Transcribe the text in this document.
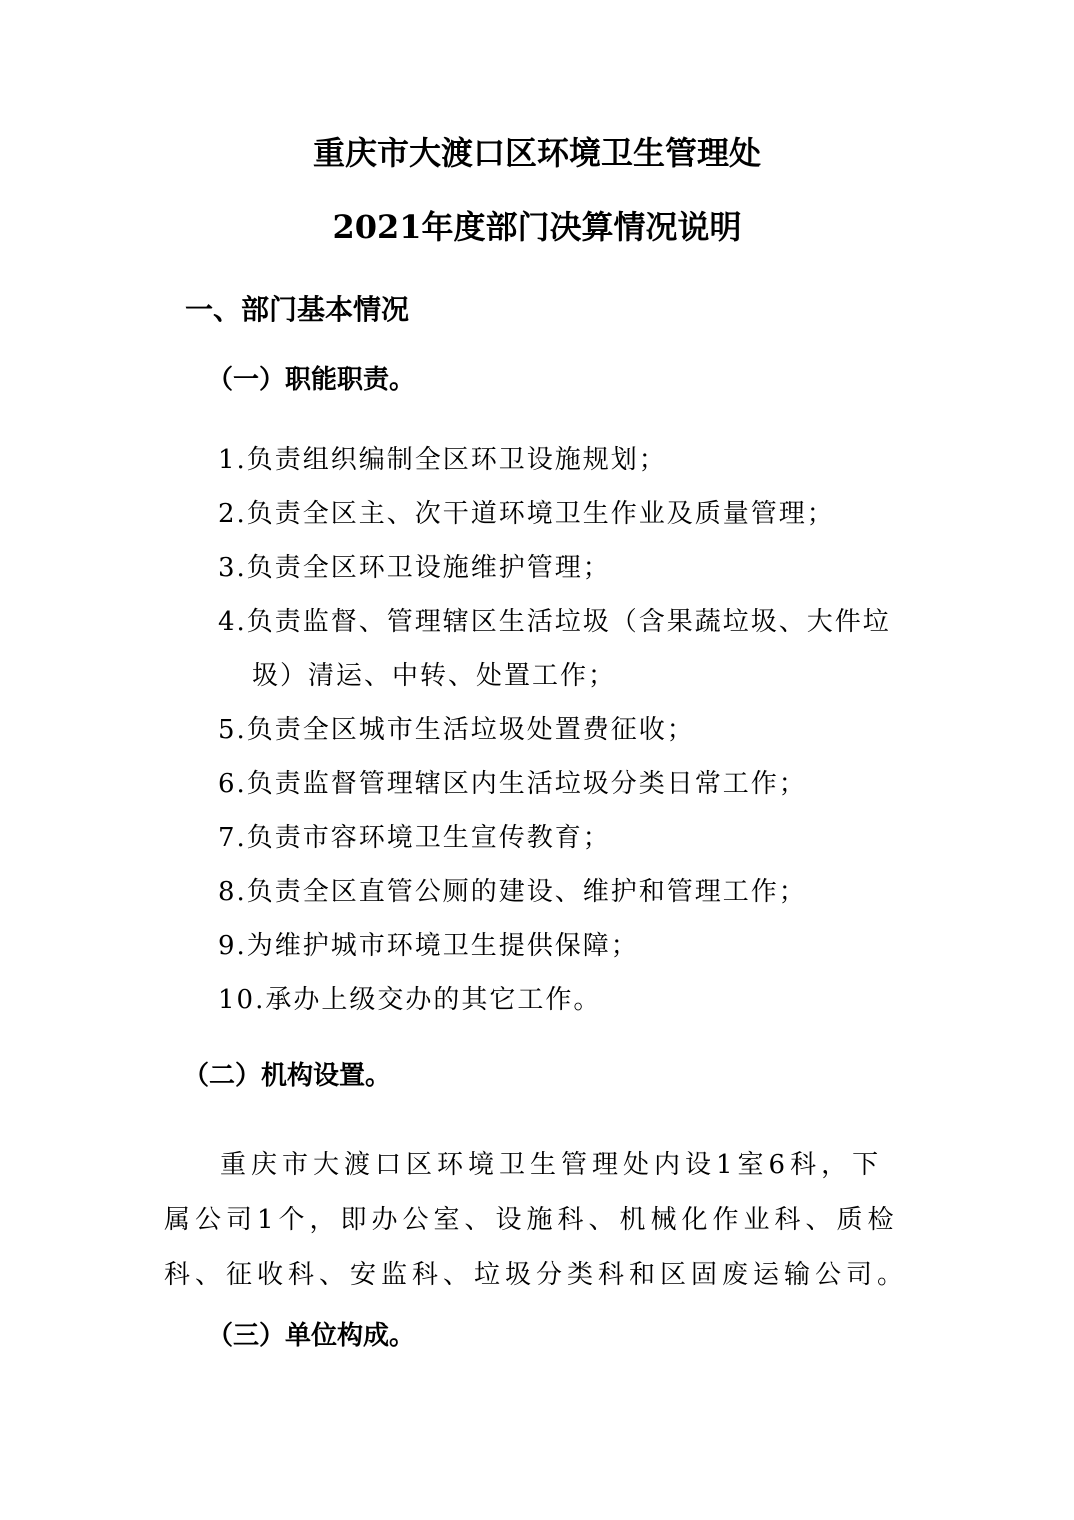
重庆市大渡口区环境卫生管理处
2021年度部门决算情况说明
一、部门基本情况
（一）职能职责。
1.负责组织编制全区环卫设施规划；
2.负责全区主、次干道环境卫生作业及质量管理；
3.负责全区环卫设施维护管理；
4.负责监督、管理辖区生活垃圾（含果蔬垃圾、大件垃圾）清运、中转、处置工作；
5.负责全区城市生活垃圾处置费征收；
6.负责监督管理辖区内生活垃圾分类日常工作；
7.负责市容环境卫生宣传教育；
8.负责全区直管公厕的建设、维护和管理工作；
9.为维护城市环境卫生提供保障；
10.承办上级交办的其它工作。
（二）机构设置。
重庆市大渡口区环境卫生管理处内设1室6科，下属公司1个，即办公室、设施科、机械化作业科、质检科、征收科、安监科、垃圾分类科和区固废运输公司。
（三）单位构成。
